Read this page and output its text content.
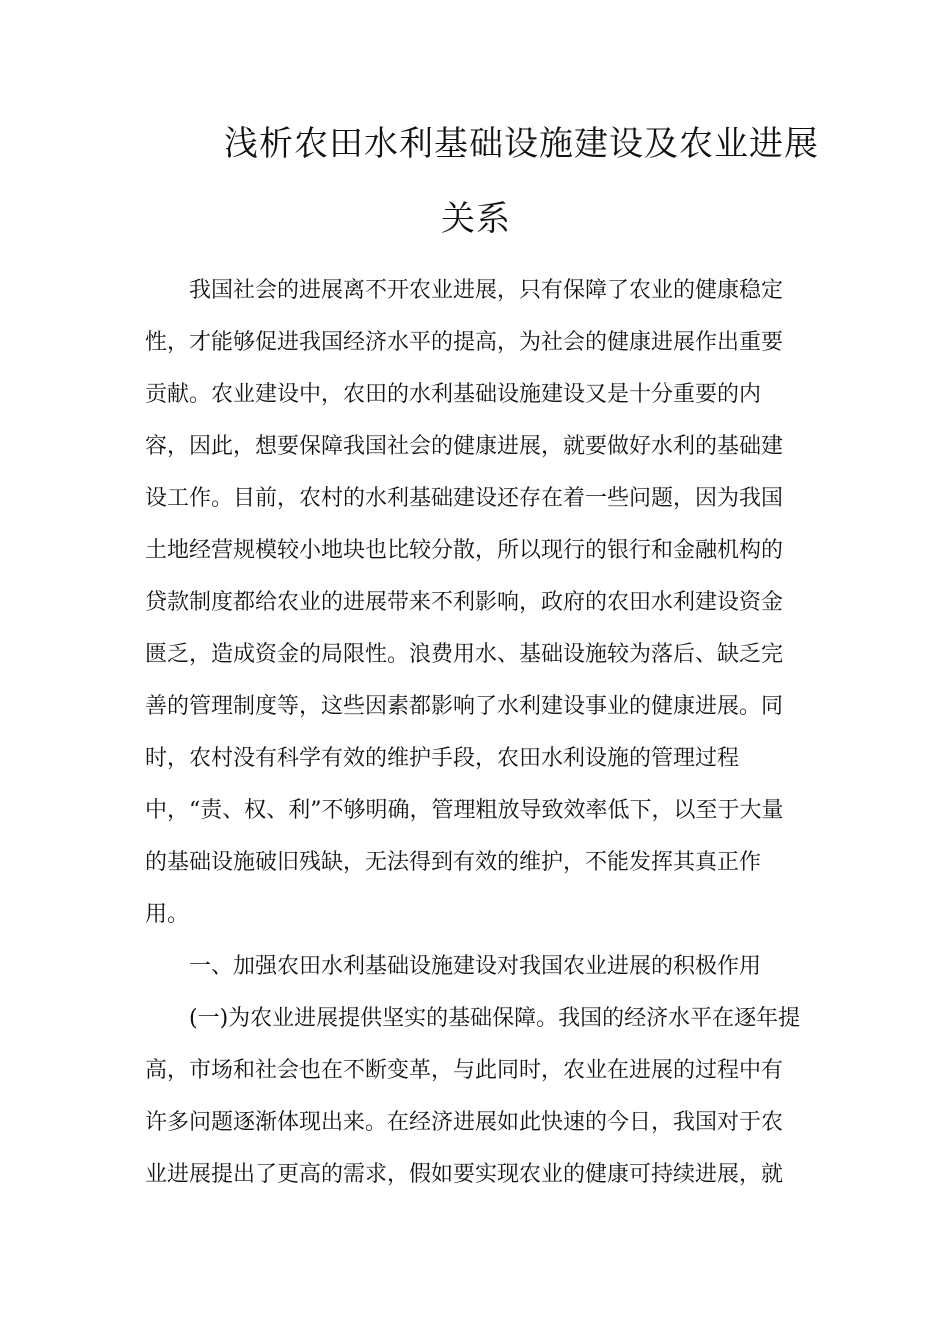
浅析农田水利基础设施建设及农业进展
关系
　　我国社会的进展离不开农业进展，只有保障了农业的健康稳定
性，才能够促进我国经济水平的提高，为社会的健康进展作出重要
贡献。农业建设中，农田的水利基础设施建设又是十分重要的内
容，因此，想要保障我国社会的健康进展，就要做好水利的基础建
设工作。目前，农村的水利基础建设还存在着一些问题，因为我国
土地经营规模较小地块也比较分散，所以现行的银行和金融机构的
贷款制度都给农业的进展带来不利影响，政府的农田水利建设资金
匮乏，造成资金的局限性。浪费用水、基础设施较为落后、缺乏完
善的管理制度等，这些因素都影响了水利建设事业的健康进展。同
时，农村没有科学有效的维护手段，农田水利设施的管理过程
中，“责、权、利”不够明确，管理粗放导致效率低下，以至于大量
的基础设施破旧残缺，无法得到有效的维护，不能发挥其真正作
用。
　　一、加强农田水利基础设施建设对我国农业进展的积极作用
　　(一)为农业进展提供坚实的基础保障。我国的经济水平在逐年提
高，市场和社会也在不断变革，与此同时，农业在进展的过程中有
许多问题逐渐体现出来。在经济进展如此快速的今日，我国对于农
业进展提出了更高的需求，假如要实现农业的健康可持续进展，就
